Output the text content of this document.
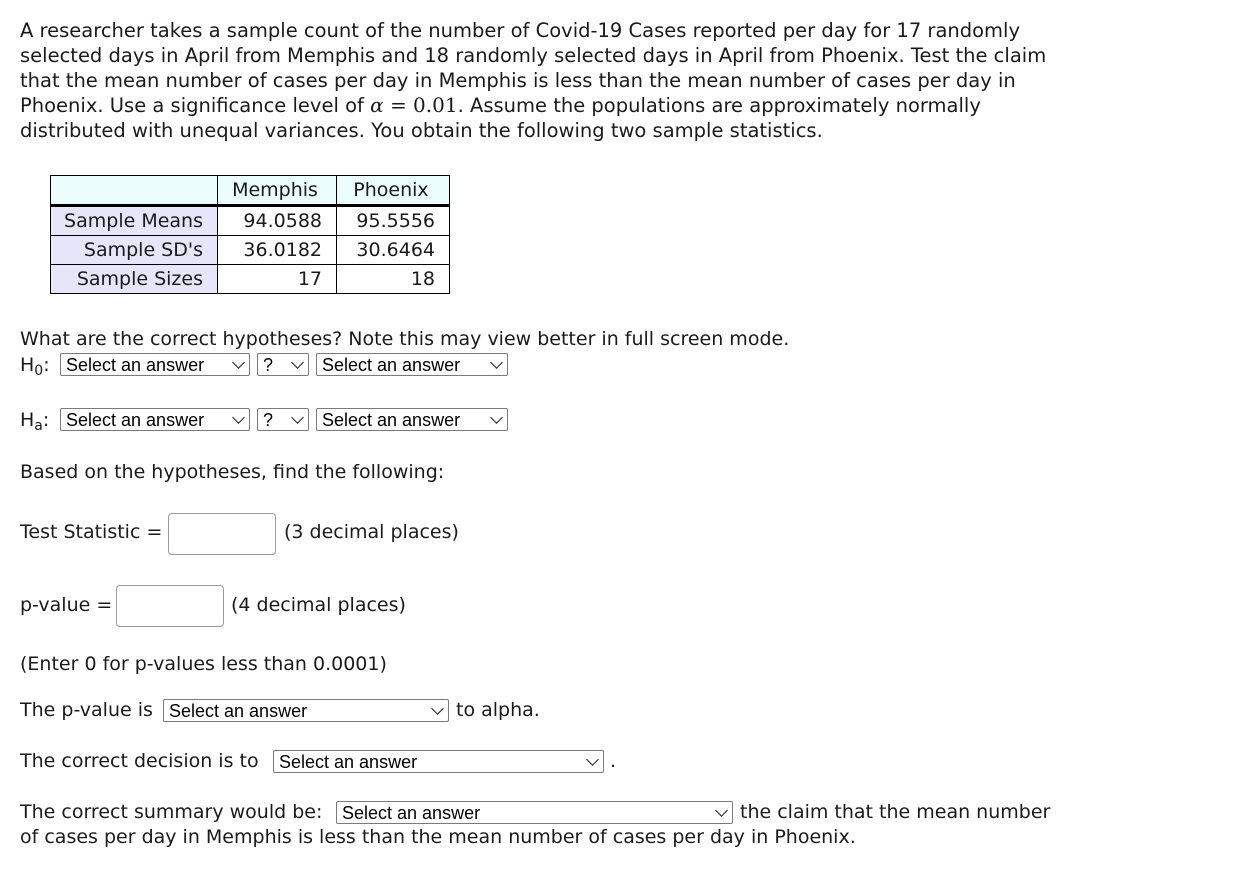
A researcher takes a sample count of the number of Covid-19 Cases reported per day for 17 randomly selected days in April from Memphis and 18 randomly selected days in April from Phoenix. Test the claim that the mean number of cases per day in Memphis is less than the mean number of cases per day in Phoenix. Use a significance level of α = 0.01. Assume the populations are approximately normally distributed with unequal variances. You obtain the following two sample statistics.
	Memphis	Phoenix
Sample Means	94.0588	95.5556
Sample SD's	36.0182	30.6464
Sample Sizes	17	18
What are the correct hypotheses? Note this may view better in full screen mode.
$H_0$: Select an answer	?	Select an answer
$H_a$: Select an answer	?	Select an answer
Based on the hypotheses, find the following:
Test Statistic =	(3 decimal places)
p-value =	(4 decimal places)
(Enter 0 for p-values less than 0.0001)
The p-value is Select an answer	to alpha.
The correct decision is to	Select an answer	.
The correct summary would be:	Select an answer	the claim that the mean number
of cases per day in Memphis is less than the mean number of cases per day in Phoenix.
